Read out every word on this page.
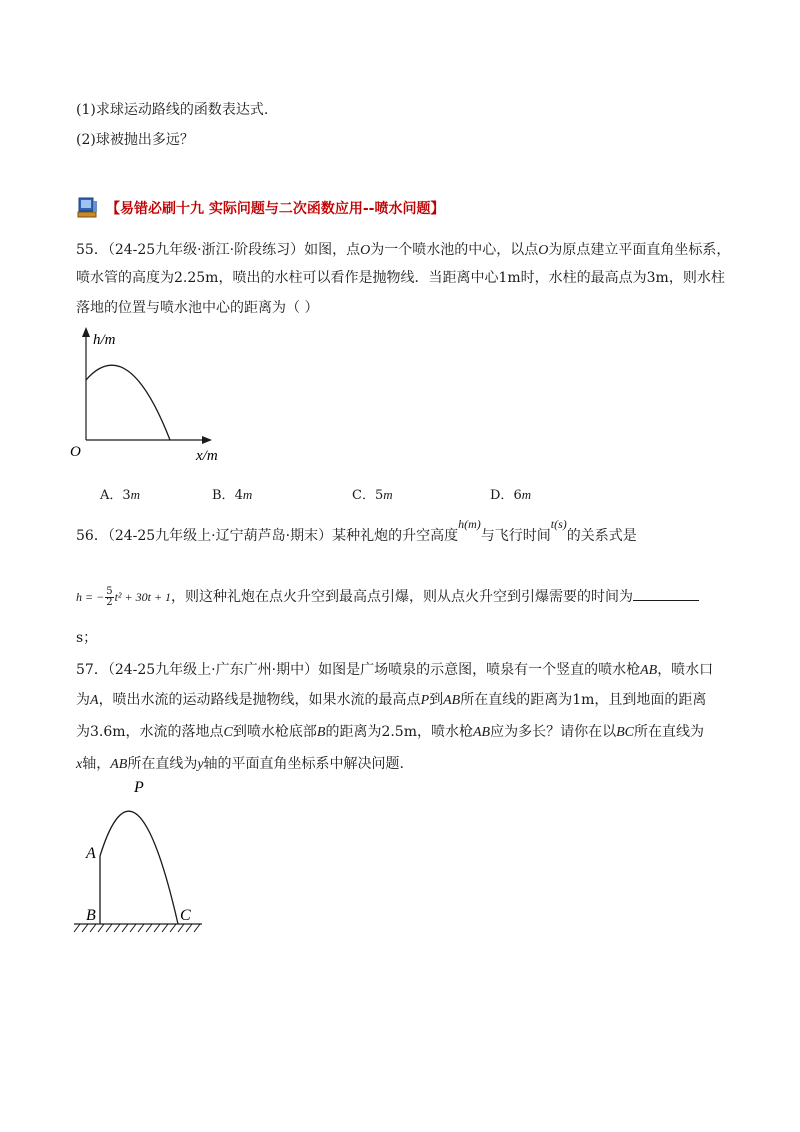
(1)求球运动路线的函数表达式.
(2)球被抛出多远？
【易错必刷十九 实际问题与二次函数应用--喷水问题】
55．（24-25九年级·浙江·阶段练习）如图，点O为一个喷水池的中心，以点O为原点建立平面直角坐标系，
喷水管的高度为2.25m，喷出的水柱可以看作是抛物线．当距离中心1m时，水柱的最高点为3m，则水柱
落地的位置与喷水池中心的距离为（ ）
h/m
x/m
O
A．3m	B．4m	C．5m	D．6m
56．（24-25九年级上·辽宁葫芦岛·期末）某种礼炮的升空高度h(m)与飞行时间t(s)的关系式是
h = − $\frac{5}{2} t^2 + 30t + 1$，则这种礼炮在点火升空到最高点引爆，则从点火升空到引爆需要的时间为
s；
57．（24-25九年级上·广东广州·期中）如图是广场喷泉的示意图，喷泉有一个竖直的喷水枪AB，喷水口
为A，喷出水流的运动路线是抛物线，如果水流的最高点P到AB所在直线的距离为1m，且到地面的距离
为3.6m，水流的落地点C到喷水枪底部B的距离为2.5m，喷水枪AB应为多长？请你在以BC所在直线为
x轴，AB所在直线为y轴的平面直角坐标系中解决问题.
P
A
B	C
